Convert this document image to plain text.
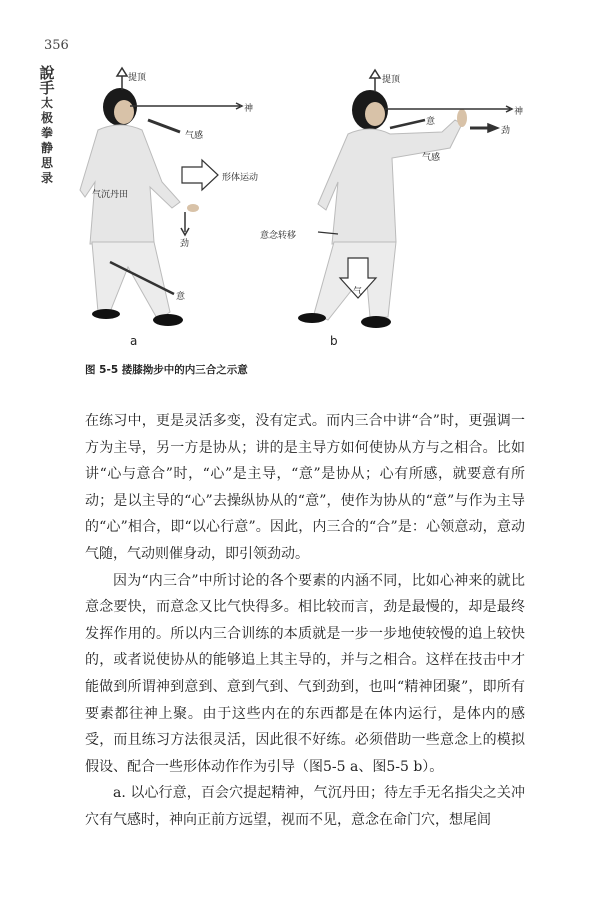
356
說手
太
极
拳
静
思
录
提顶
神
气感
形体运动
气沉丹田
劲
意
提顶
神
意
劲
气感
意念转移
气
a	b
图 5-5 搂膝拗步中的内三合之示意

在练习中，更是灵活多变，没有定式。而内三合中讲“合”时，更强调一方为主导，另一方是协从；讲的是主导方如何使协从方与之相合。比如讲“心与意合”时，“心”是主导，“意”是协从；心有所感，就要意有所动；是以主导的“心”去操纵协从的“意”，使作为协从的“意”与作为主导的“心”相合，即“以心行意”。因此，内三合的“合”是：心领意动，意动气随，气动则催身动，即引领劲动。

因为“内三合”中所讨论的各个要素的内涵不同，比如心神来的就比意念要快，而意念又比气快得多。相比较而言，劲是最慢的，却是最终发挥作用的。所以内三合训练的本质就是一步一步地使较慢的追上较快的，或者说使协从的能够追上其主导的，并与之相合。这样在技击中才能做到所谓神到意到、意到气到、气到劲到，也叫“精神团聚”，即所有要素都往神上聚。由于这些内在的东西都是在体内运行，是体内的感受，而且练习方法很灵活，因此很不好练。必须借助一些意念上的模拟假设、配合一些形体动作作为引导（图5-5 a、图5-5 b）。

a. 以心行意，百会穴提起精神，气沉丹田；待左手无名指尖之关冲穴有气感时，神向正前方远望，视而不见，意念在命门穴，想尾闾
